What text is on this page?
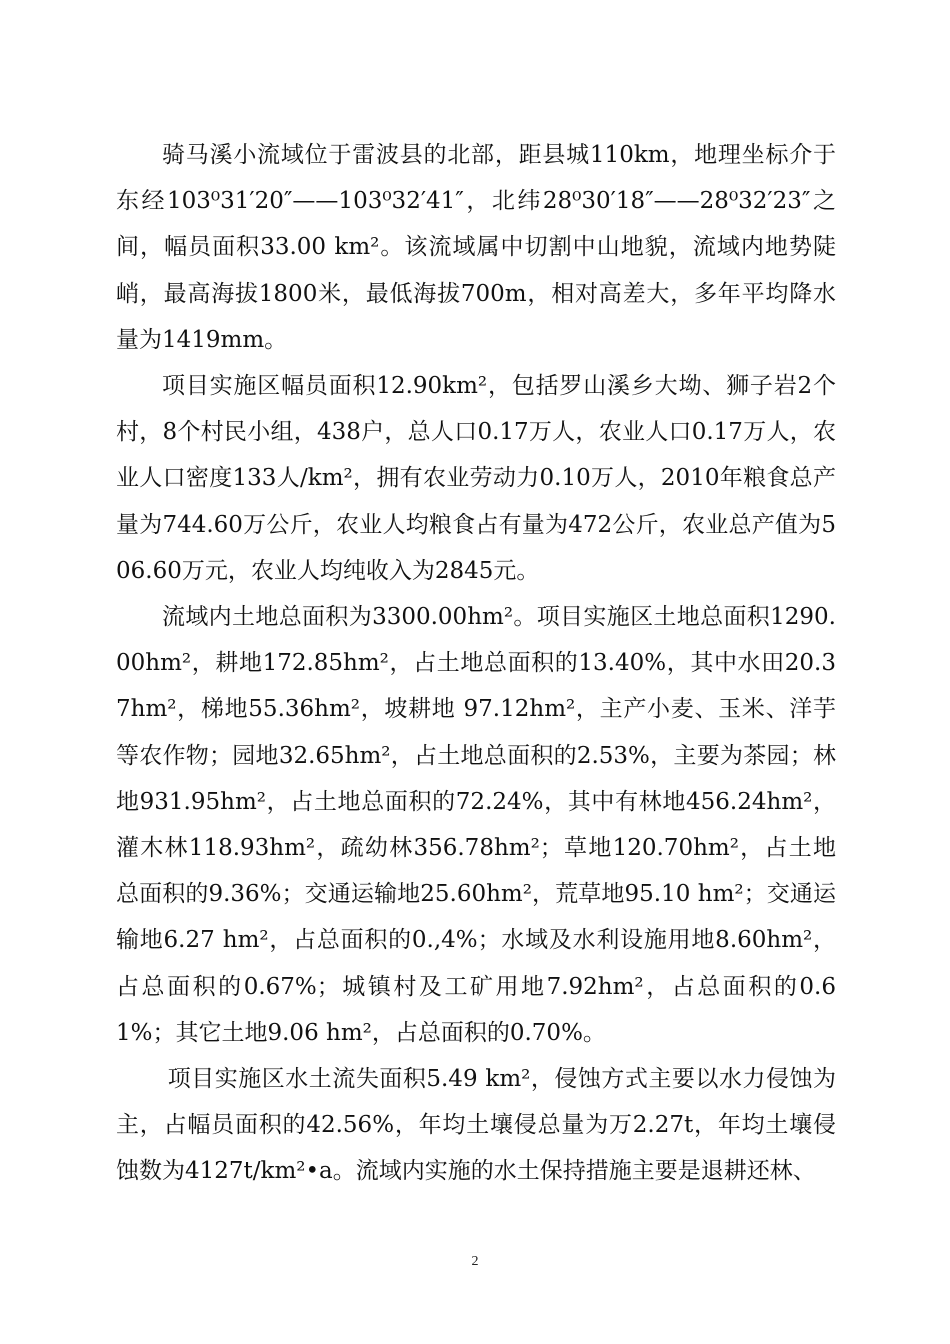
骑马溪小流域位于雷波县的北部，距县城110km，地理坐标介于东经103⁰31′20″——103⁰32′41″，北纬28⁰30′18″——28⁰32′23″之间，幅员面积33.00 km²。该流域属中切割中山地貌，流域内地势陡峭，最高海拔1800米，最低海拔700m，相对高差大，多年平均降水量为1419mm。

项目实施区幅员面积12.90km²，包括罗山溪乡大坳、狮子岩2个村，8个村民小组，438户，总人口0.17万人，农业人口0.17万人，农业人口密度133人/km²，拥有农业劳动力0.10万人，2010年粮食总产量为744.60万公斤，农业人均粮食占有量为472公斤，农业总产值为506.60万元，农业人均纯收入为2845元。

流域内土地总面积为3300.00hm²。项目实施区土地总面积1290.00hm²，耕地172.85hm²，占土地总面积的13.40%，其中水田20.37hm²，梯地55.36hm²，坡耕地 97.12hm²，主产小麦、玉米、洋芋等农作物；园地32.65hm²，占土地总面积的2.53%，主要为茶园；林地931.95hm²，占土地总面积的72.24%，其中有林地456.24hm²，灌木林118.93hm²，疏幼林356.78hm²；草地120.70hm²，占土地总面积的9.36%；交通运输地25.60hm²，荒草地95.10 hm²；交通运输地6.27 hm²，占总面积的0.,4%；水域及水利设施用地8.60hm²，占总面积的0.67%；城镇村及工矿用地7.92hm²，占总面积的0.61%；其它土地9.06 hm²，占总面积的0.70%。

项目实施区水土流失面积5.49 km²，侵蚀方式主要以水力侵蚀为主，占幅员面积的42.56%，年均土壤侵总量为万2.27t，年均土壤侵蚀数为4127t/km²•a。流域内实施的水土保持措施主要是退耕还林、

2
